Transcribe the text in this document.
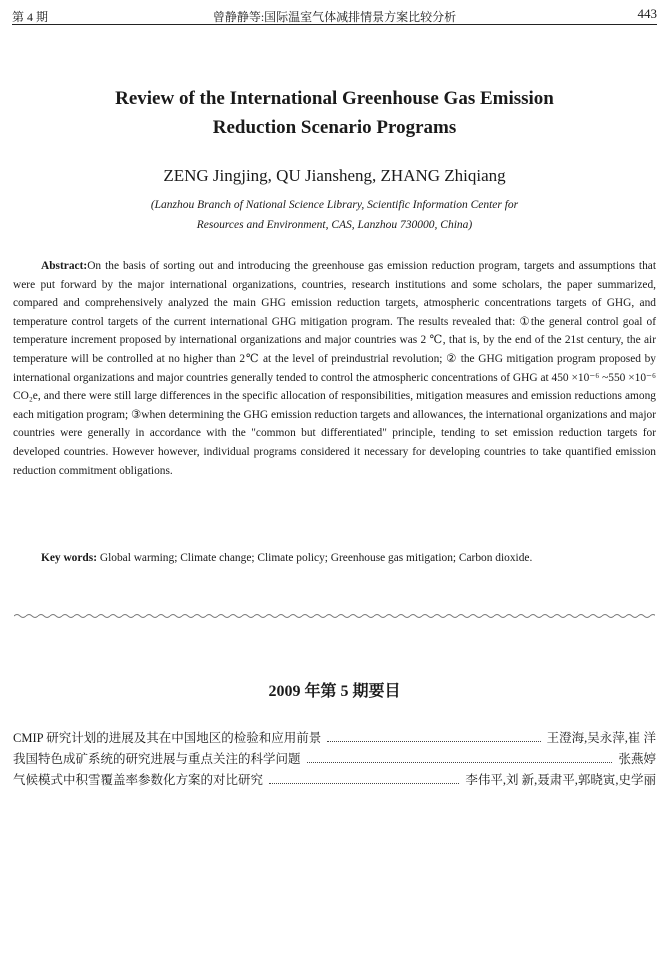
第 4 期	曾静静等:国际温室气体减排情景方案比较分析	443
Review of the International Greenhouse Gas Emission
Reduction Scenario Programs
ZENG Jingjing, QU Jiansheng, ZHANG Zhiqiang
(Lanzhou Branch of National Science Library, Scientific Information Center for
Resources and Environment, CAS, Lanzhou 730000, China)
Abstract:On the basis of sorting out and introducing the greenhouse gas emission reduction program, targets and assumptions that were put forward by the major international organizations, countries, research institutions and some scholars, the paper summarized, compared and comprehensively analyzed the main GHG emission reduction targets, atmospheric concentrations targets of GHG, and temperature control targets of the current international GHG mitigation program. The results revealed that: ①the general control goal of temperature increment proposed by international organizations and major countries was 2 ℃, that is, by the end of the 21st century, the air temperature will be controlled at no higher than 2℃ at the level of preindustrial revolution; ② the GHG mitigation program proposed by international organizations and major countries generally tended to control the atmospheric concentrations of GHG at 450 ×10⁻⁶ ~550 ×10⁻⁶ CO₂e, and there were still large differences in the specific allocation of responsibilities, mitigation measures and emission reductions among each mitigation program; ③when determining the GHG emission reduction targets and allowances, the international organizations and major countries were generally in accordance with the "common but differentiated" principle, tending to set emission reduction targets for developed countries. However however, individual programs considered it necessary for developing countries to take quantified emission reduction commitment obligations.
Key words: Global warming; Climate change; Climate policy; Greenhouse gas mitigation; Carbon dioxide.
2009 年第 5 期要目
CMIP 研究计划的进展及其在中国地区的检验和应用前景	王澄海,吴永萍,崔 洋
我国特色成矿系统的研究进展与重点关注的科学问题	张燕婷
气候模式中积雪覆盖率参数化方案的对比研究	李伟平,刘 新,聂肃平,郭晓寅,史学丽
